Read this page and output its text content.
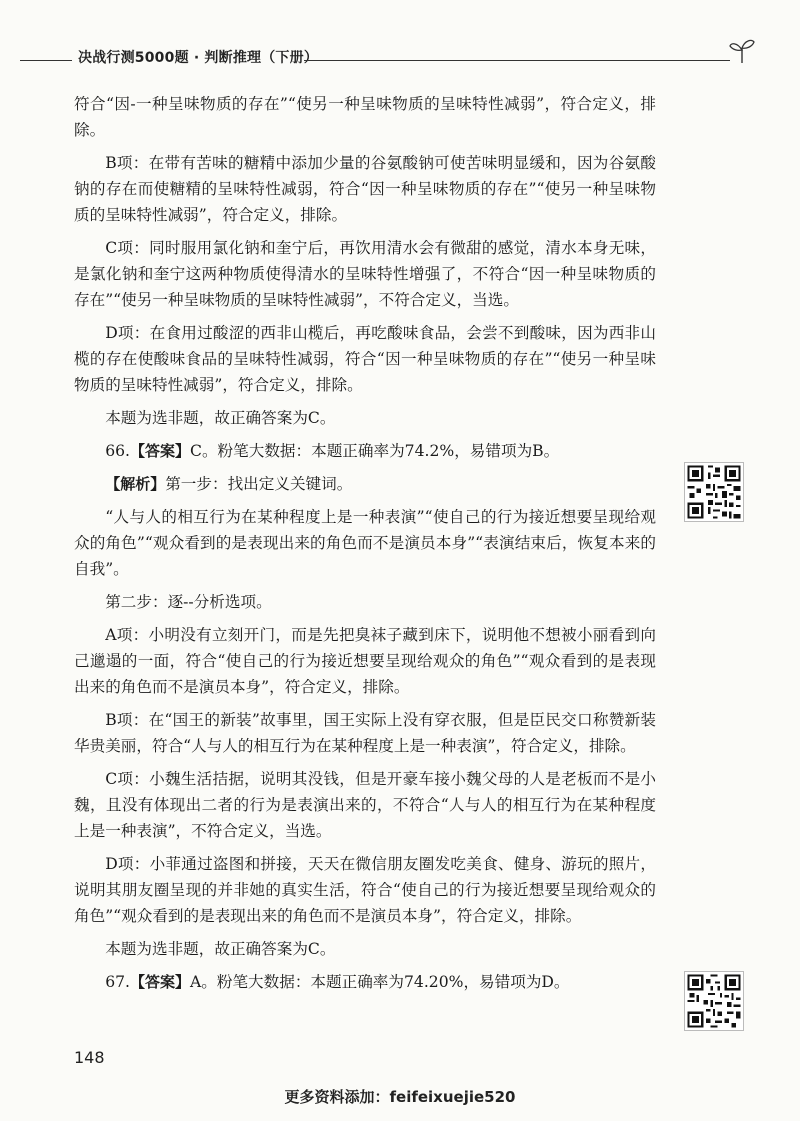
决战行测5000题 · 判断推理（下册）

符合“因-一种呈味物质的存在”“使另一种呈味物质的呈味特性减弱”，符合定义，排除。

B项：在带有苦味的糖精中添加少量的谷氨酸钠可使苦味明显缓和，因为谷氨酸钠的存在而使糖精的呈味特性减弱，符合“因一种呈味物质的存在”“使另一种呈味物质的呈味特性减弱”，符合定义，排除。

C项：同时服用氯化钠和奎宁后，再饮用清水会有微甜的感觉，清水本身无味，是氯化钠和奎宁这两种物质使得清水的呈味特性增强了，不符合“因一种呈味物质的存在”“使另一种呈味物质的呈味特性减弱”，不符合定义，当选。

D项：在食用过酸涩的西非山榄后，再吃酸味食品，会尝不到酸味，因为西非山榄的存在使酸味食品的呈味特性减弱，符合“因一种呈味物质的存在”“使另一种呈味物质的呈味特性减弱”，符合定义，排除。

本题为选非题，故正确答案为C。

66.【答案】C。粉笔大数据：本题正确率为74.2%，易错项为B。

【解析】第一步：找出定义关键词。

“人与人的相互行为在某种程度上是一种表演”“使自己的行为接近想要呈现给观众的角色”“观众看到的是表现出来的角色而不是演员本身”“表演结束后，恢复本来的自我”。

第二步：逐--分析选项。

A项：小明没有立刻开门，而是先把臭袜子藏到床下，说明他不想被小丽看到向己邋遢的一面，符合“使自己的行为接近想要呈现给观众的角色”“观众看到的是表现出来的角色而不是演员本身”，符合定义，排除。

B项：在“国王的新装”故事里，国王实际上没有穿衣服，但是臣民交口称赞新装华贵美丽，符合“人与人的相互行为在某种程度上是一种表演”，符合定义，排除。

C项：小魏生活拮据，说明其没钱，但是开豪车接小魏父母的人是老板而不是小魏，且没有体现出二者的行为是表演出来的，不符合“人与人的相互行为在某种程度上是一种表演”，不符合定义，当选。

D项：小菲通过盗图和拼接，天天在微信朋友圈发吃美食、健身、游玩的照片，说明其朋友圈呈现的并非她的真实生活，符合“使自己的行为接近想要呈现给观众的角色”“观众看到的是表现出来的角色而不是演员本身”，符合定义，排除。

本题为选非题，故正确答案为C。

67.【答案】A。粉笔大数据：本题正确率为74.20%，易错项为D。

148
更多资料添加：feifeixuejie520
